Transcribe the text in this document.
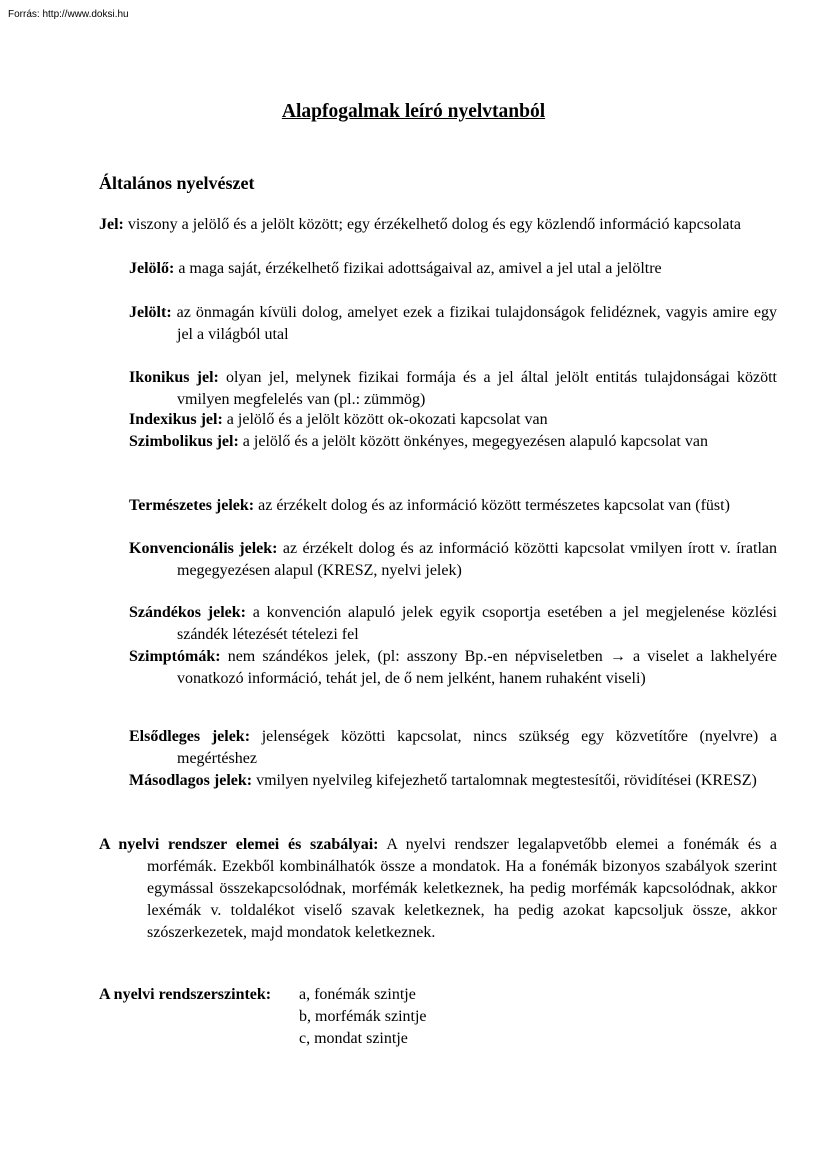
Forrás: http://www.doksi.hu
Alapfogalmak leíró nyelvtanból
Általános nyelvészet
Jel: viszony a jelölő és a jelölt között; egy érzékelhető dolog és egy közlendő információ kapcsolata
Jelölő: a maga saját, érzékelhető fizikai adottságaival az, amivel a jel utal a jelöltre
Jelölt: az önmagán kívüli dolog, amelyet ezek a fizikai tulajdonságok felidéznek, vagyis amire egy jel a világból utal
Ikonikus jel: olyan jel, melynek fizikai formája és a jel által jelölt entitás tulajdonságai között vmilyen megfelelés van (pl.: zümmög)
Indexikus jel: a jelölő és a jelölt között ok-okozati kapcsolat van
Szimbolikus jel: a jelölő és a jelölt között önkényes, megegyezésen alapuló kapcsolat van
Természetes jelek: az érzékelt dolog és az információ között természetes kapcsolat van (füst)
Konvencionális jelek: az érzékelt dolog és az információ közötti kapcsolat vmilyen írott v. íratlan megegyezésen alapul (KRESZ, nyelvi jelek)
Szándékos jelek: a konvención alapuló jelek egyik csoportja esetében a jel megjelenése közlési szándék létezését tételezi fel
Szimptómák: nem szándékos jelek, (pl: asszony Bp.-en népviseletben → a viselet a lakhelyére vonatkozó információ, tehát jel, de ő nem jelként, hanem ruhaként viseli)
Elsődleges jelek: jelenségek közötti kapcsolat, nincs szükség egy közvetítőre (nyelvre) a megértéshez
Másodlagos jelek: vmilyen nyelvileg kifejezhető tartalomnak megtestesítői, rövidítései (KRESZ)
A nyelvi rendszer elemei és szabályai: A nyelvi rendszer legalapvetőbb elemei a fonémák és a morfémák. Ezekből kombinálhatók össze a mondatok. Ha a fonémák bizonyos szabályok szerint egymással összekapcsolódnak, morfémák keletkeznek, ha pedig morfémák kapcsolódnak, akkor lexémák v. toldalékot viselő szavak keletkeznek, ha pedig azokat kapcsoljuk össze, akkor szószerkezetek, majd mondatok keletkeznek.
A nyelvi rendszerszintek: a, fonémák szintje
b, morfémák szintje
c, mondat szintje
